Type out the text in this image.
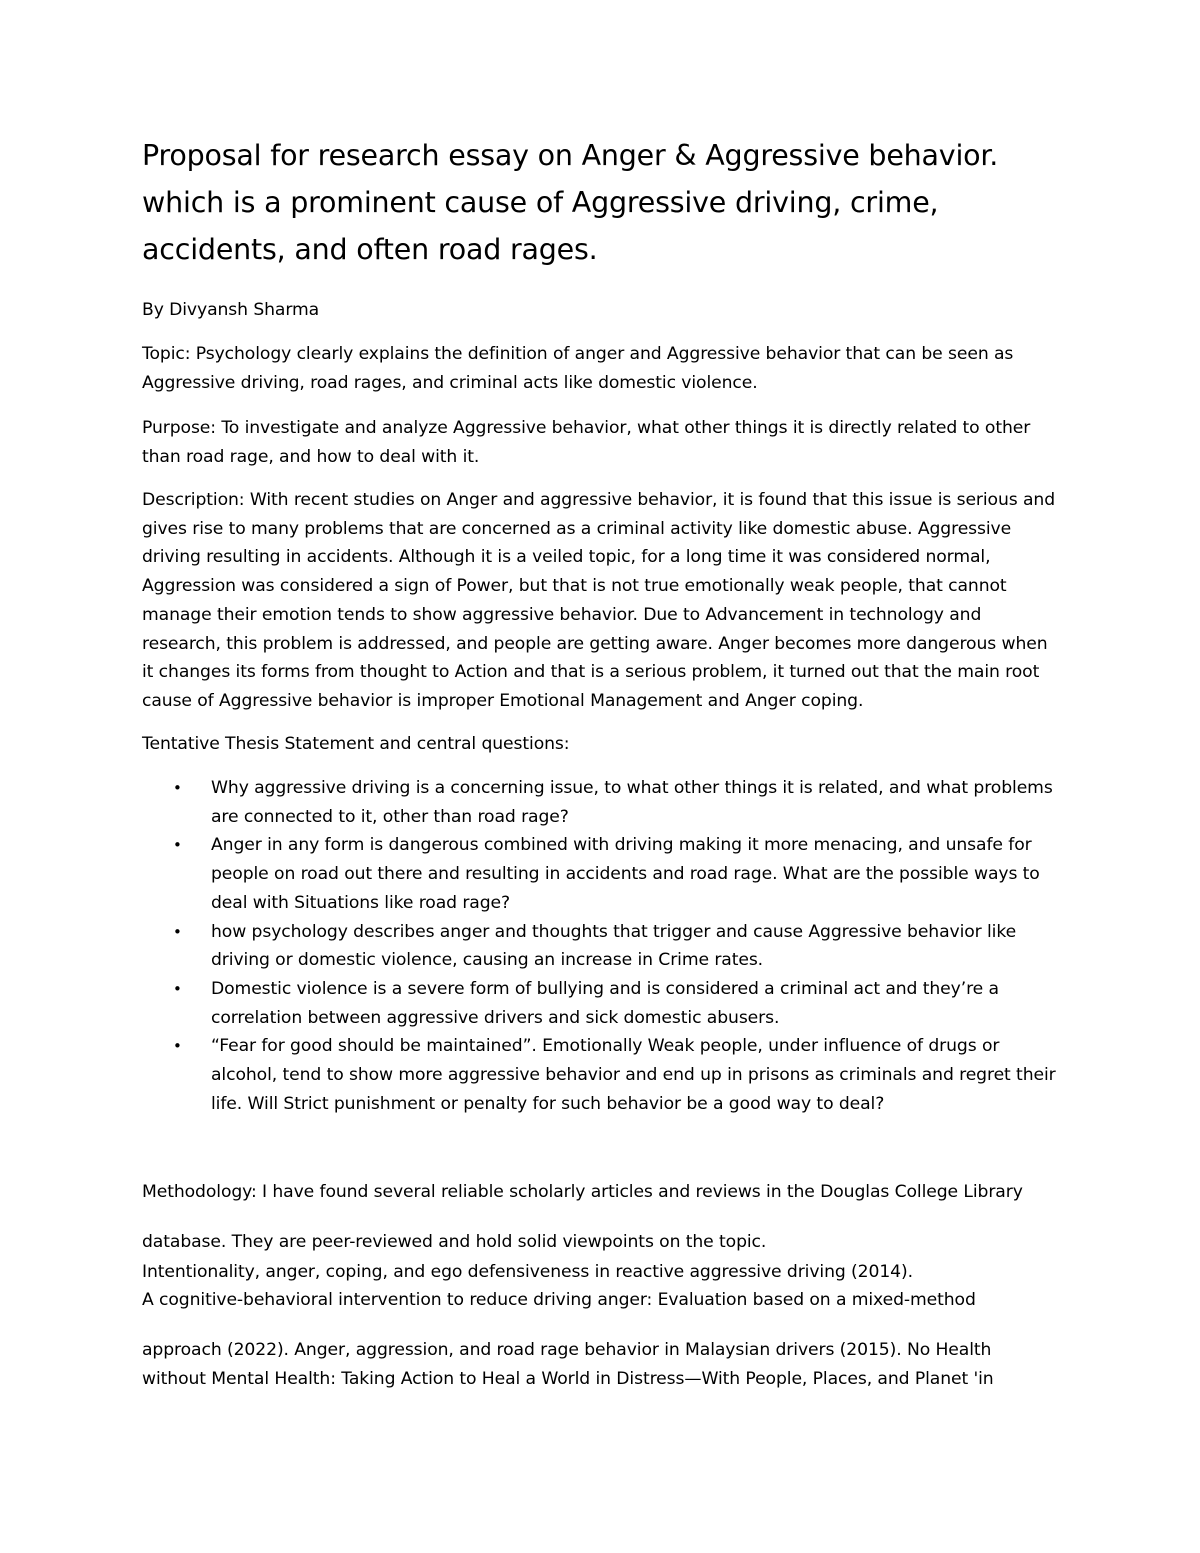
Proposal for research essay on Anger & Aggressive behavior.
which is a prominent cause of Aggressive driving, crime,
accidents, and often road rages.

By Divyansh Sharma

Topic: Psychology clearly explains the definition of anger and Aggressive behavior that can be seen as Aggressive driving, road rages, and criminal acts like domestic violence.

Purpose: To investigate and analyze Aggressive behavior, what other things it is directly related to other than road rage, and how to deal with it.

Description: With recent studies on Anger and aggressive behavior, it is found that this issue is serious and gives rise to many problems that are concerned as a criminal activity like domestic abuse. Aggressive driving resulting in accidents. Although it is a veiled topic, for a long time it was considered normal, Aggression was considered a sign of Power, but that is not true emotionally weak people, that cannot manage their emotion tends to show aggressive behavior. Due to Advancement in technology and research, this problem is addressed, and people are getting aware. Anger becomes more dangerous when it changes its forms from thought to Action and that is a serious problem, it turned out that the main root cause of Aggressive behavior is improper Emotional Management and Anger coping.

Tentative Thesis Statement and central questions:

• Why aggressive driving is a concerning issue, to what other things it is related, and what problems are connected to it, other than road rage?
• Anger in any form is dangerous combined with driving making it more menacing, and unsafe for people on road out there and resulting in accidents and road rage. What are the possible ways to deal with Situations like road rage?
• how psychology describes anger and thoughts that trigger and cause Aggressive behavior like driving or domestic violence, causing an increase in Crime rates.
• Domestic violence is a severe form of bullying and is considered a criminal act and they’re a correlation between aggressive drivers and sick domestic abusers.
• “Fear for good should be maintained”. Emotionally Weak people, under influence of drugs or alcohol, tend to show more aggressive behavior and end up in prisons as criminals and regret their life. Will Strict punishment or penalty for such behavior be a good way to deal?

Methodology: I have found several reliable scholarly articles and reviews in the Douglas College Library

database. They are peer-reviewed and hold solid viewpoints on the topic.

Intentionality, anger, coping, and ego defensiveness in reactive aggressive driving (2014).

A cognitive-behavioral intervention to reduce driving anger: Evaluation based on a mixed-method

approach (2022). Anger, aggression, and road rage behavior in Malaysian drivers (2015). No Health without Mental Health: Taking Action to Heal a World in Distress—With People, Places, and Planet 'in
